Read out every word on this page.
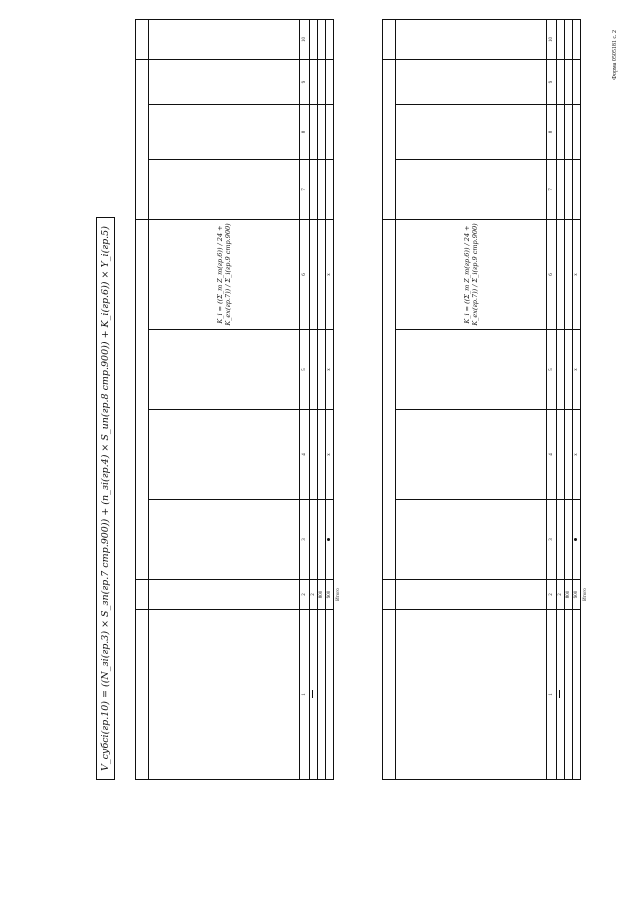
Форма 0505181 с. 2
V_субсi(гр.10) = ((N_зi(гр.3) × S_зп(гр.7 стр.900)) + (n_зi(гр.4) × S_ип(гр.8 стр.900)) + K_i(гр.6)) × Y_i(гр.5)

					K_i = ((Σ_m Z_m(гр.6)) / 24 + K_ex(гр.7)) / Σ_i(гр.9 стр.900)				

1	2	3	4	5	6	7	8	9	10
	2								
	800								
	900		x	x	x				
	Итого								

					K_i = ((Σ_m Z_m(гр.6)) / 24 + K_ex(гр.7)) / Σ_i(гр.9 стр.900)				

1	2	3	4	5	6	7	8	9	10
	2								
	800								
	900		x	x	x				
	Итого								
